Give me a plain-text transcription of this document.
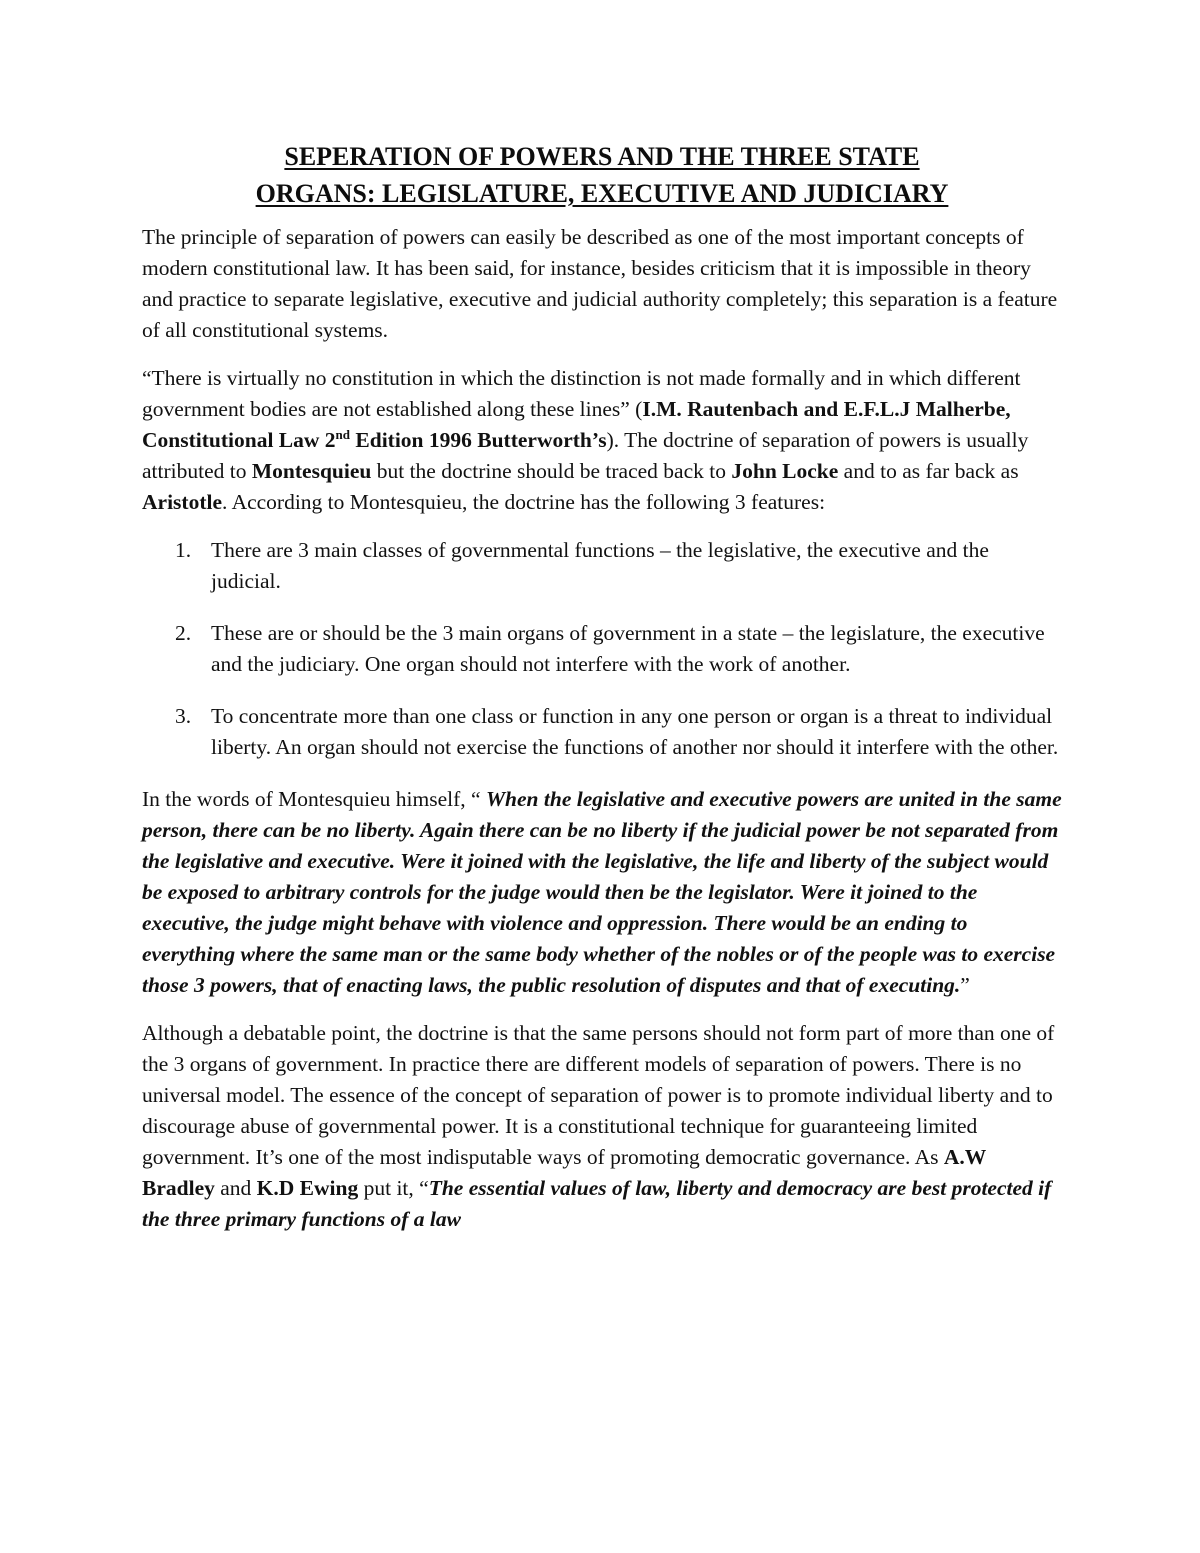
SEPERATION OF POWERS AND THE THREE STATE
ORGANS: LEGISLATURE, EXECUTIVE AND JUDICIARY

The principle of separation of powers can easily be described as one of the most important concepts of modern constitutional law. It has been said, for instance, besides criticism that it is impossible in theory and practice to separate legislative, executive and judicial authority completely; this separation is a feature of all constitutional systems.

“There is virtually no constitution in which the distinction is not made formally and in which different government bodies are not established along these lines” (I.M. Rautenbach and E.F.L.J Malherbe, Constitutional Law 2nd Edition 1996 Butterworth’s). The doctrine of separation of powers is usually attributed to Montesquieu but the doctrine should be traced back to John Locke and to as far back as Aristotle. According to Montesquieu, the doctrine has the following 3 features:

1. There are 3 main classes of governmental functions – the legislative, the executive and the judicial.
2. These are or should be the 3 main organs of government in a state – the legislature, the executive and the judiciary. One organ should not interfere with the work of another.
3. To concentrate more than one class or function in any one person or organ is a threat to individual liberty. An organ should not exercise the functions of another nor should it interfere with the other.

In the words of Montesquieu himself, “ When the legislative and executive powers are united in the same person, there can be no liberty. Again there can be no liberty if the judicial power be not separated from the legislative and executive. Were it joined with the legislative, the life and liberty of the subject would be exposed to arbitrary controls for the judge would then be the legislator. Were it joined to the executive, the judge might behave with violence and oppression. There would be an ending to everything where the same man or the same body whether of the nobles or of the people was to exercise those 3 powers, that of enacting laws, the public resolution of disputes and that of executing.”

Although a debatable point, the doctrine is that the same persons should not form part of more than one of the 3 organs of government. In practice there are different models of separation of powers. There is no universal model. The essence of the concept of separation of power is to promote individual liberty and to discourage abuse of governmental power. It is a constitutional technique for guaranteeing limited government. It’s one of the most indisputable ways of promoting democratic governance. As A.W Bradley and K.D Ewing put it, “The essential values of law, liberty and democracy are best protected if the three primary functions of a law
